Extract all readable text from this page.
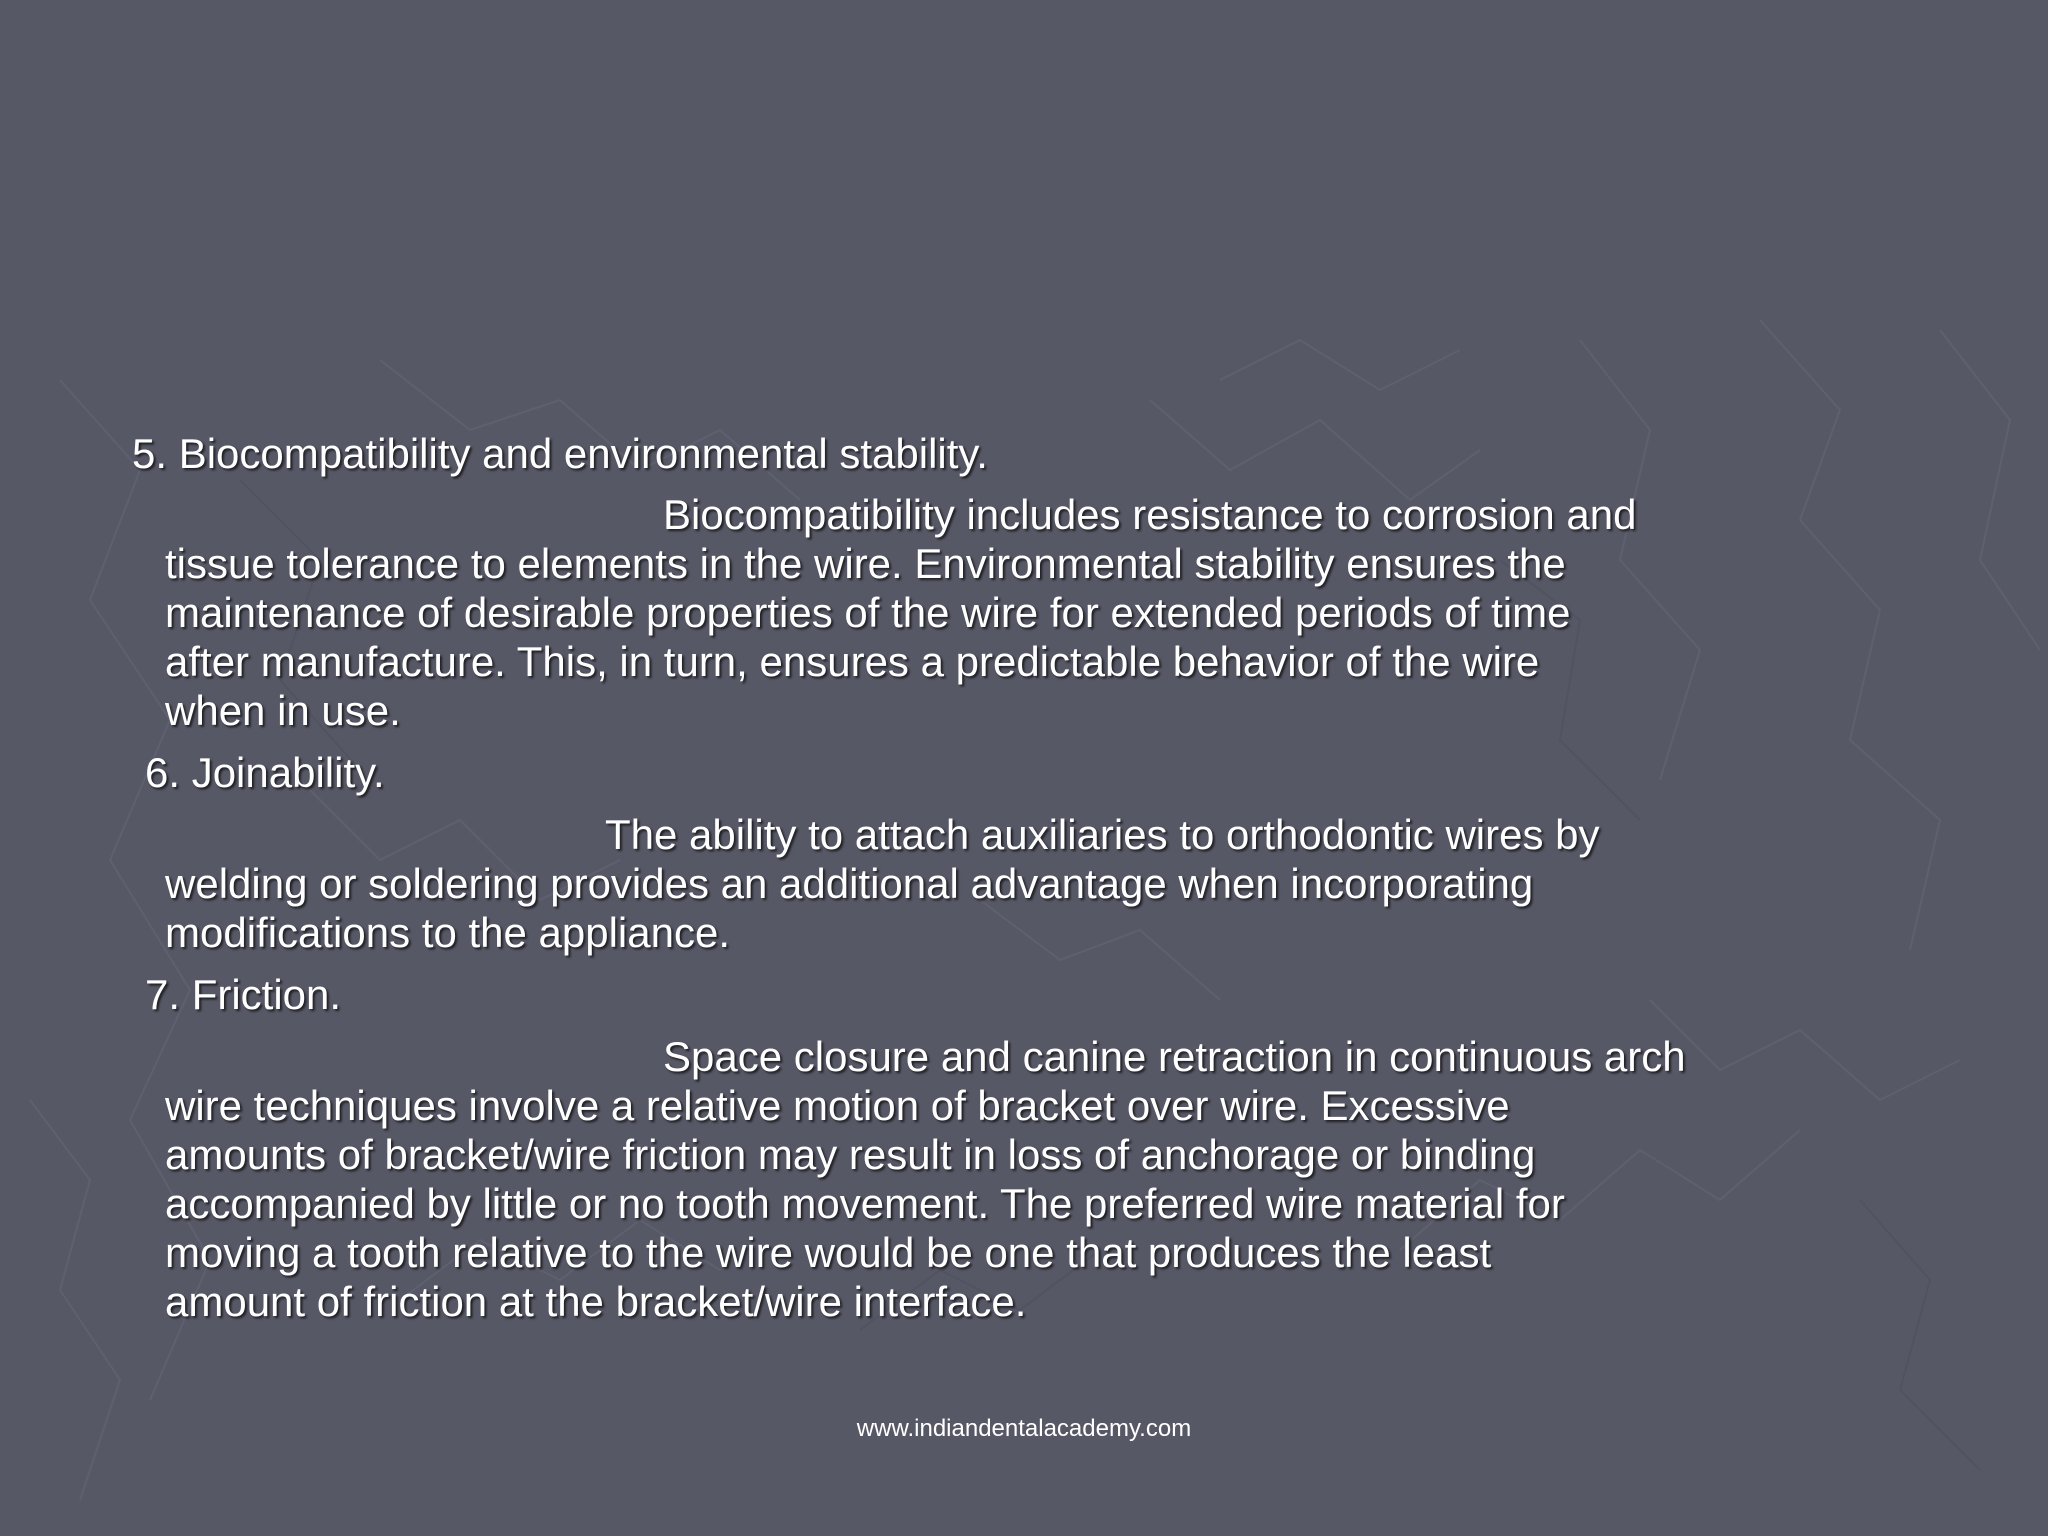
5. Biocompatibility and environmental stability.
Biocompatibility includes resistance to corrosion and
tissue tolerance to elements in the wire. Environmental stability ensures the
maintenance of desirable properties of the wire for extended periods of time
after manufacture. This, in turn, ensures a predictable behavior of the wire
when in use.
6. Joinability.
The ability to attach auxiliaries to orthodontic wires by
welding or soldering provides an additional advantage when incorporating
modifications to the appliance.
7. Friction.
Space closure and canine retraction in continuous arch
wire techniques involve a relative motion of bracket over wire. Excessive
amounts of bracket/wire friction may result in loss of anchorage or binding
accompanied by little or no tooth movement. The preferred wire material for
moving a tooth relative to the wire would be one that produces the least
amount of friction at the bracket/wire interface.
www.indiandentalacademy.com
